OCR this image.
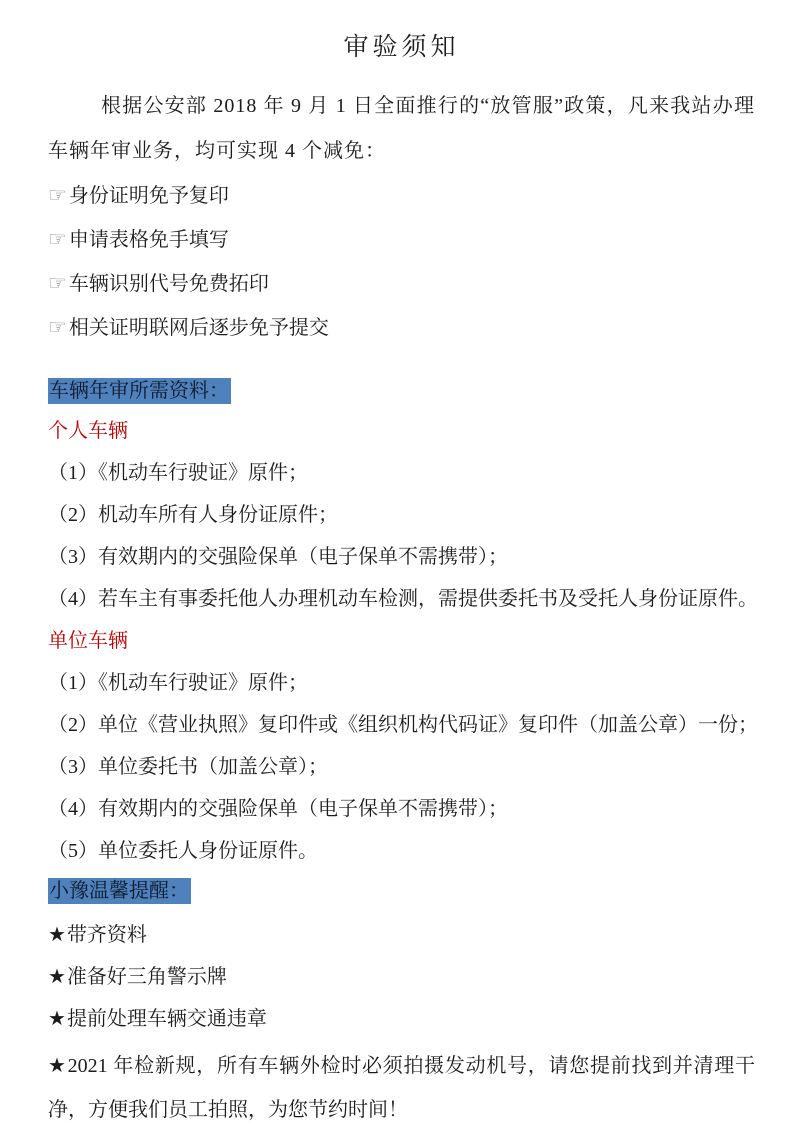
审验须知

根据公安部 2018 年 9 月 1 日全面推行的“放管服”政策，凡来我站办理车辆年审业务，均可实现 4 个减免：

☞ 身份证明免予复印
☞ 申请表格免手填写
☞ 车辆识别代号免费拓印
☞ 相关证明联网后逐步免予提交
车辆年审所需资料：
个人车辆
（1）《机动车行驶证》原件；
（2）机动车所有人身份证原件；
（3）有效期内的交强险保单（电子保单不需携带）；
（4）若车主有事委托他人办理机动车检测，需提供委托书及受托人身份证原件。
单位车辆
（1）《机动车行驶证》原件；
（2）单位《营业执照》复印件或《组织机构代码证》复印件（加盖公章）一份；
（3）单位委托书（加盖公章）；
（4）有效期内的交强险保单（电子保单不需携带）；
（5）单位委托人身份证原件。
小豫温馨提醒：
★带齐资料
★准备好三角警示牌
★提前处理车辆交通违章

★2021 年检新规，所有车辆外检时必须拍摄发动机号，请您提前找到并清理干净，方便我们员工拍照，为您节约时间！
